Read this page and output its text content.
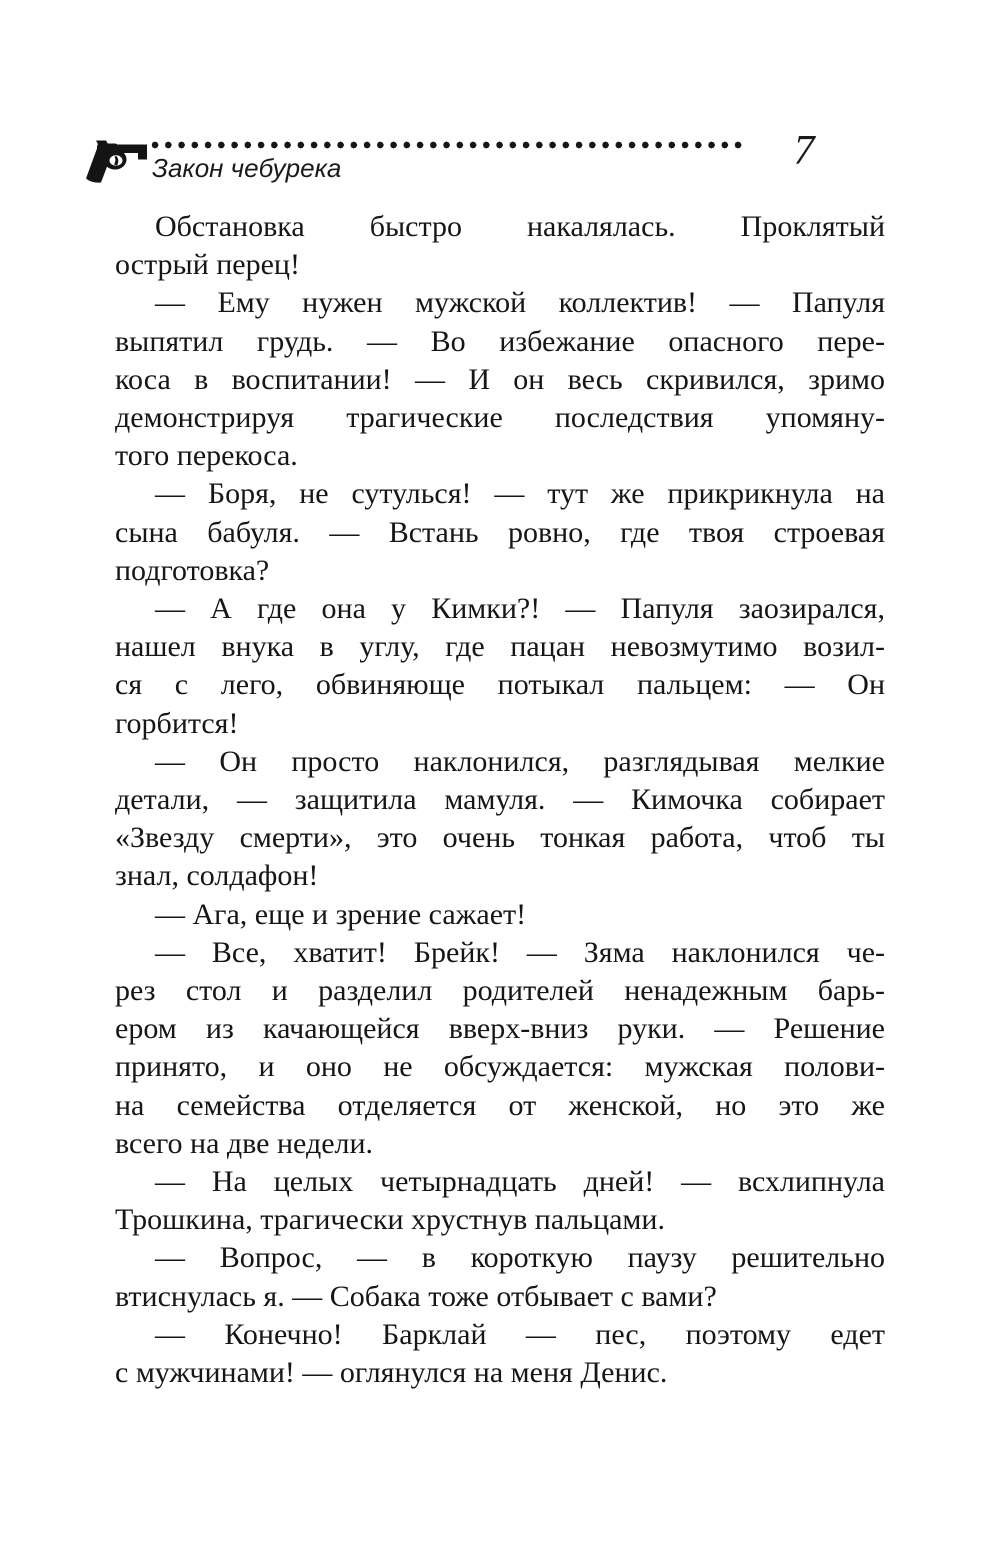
Закон чебурека	7
Обстановка быстро накалялась. Проклятый
острый перец!
— Ему нужен мужской коллектив! — Папуля
выпятил грудь. — Во избежание опасного пере-
коса в воспитании! — И он весь скривился, зримо
демонстрируя трагические последствия упомяну-
того перекоса.
— Боря, не сутулься! — тут же прикрикнула на
сына бабуля. — Встань ровно, где твоя строевая
подготовка?
— А где она у Кимки?! — Папуля заозирался,
нашел внука в углу, где пацан невозмутимо возил-
ся с лего, обвиняюще потыкал пальцем: — Он
горбится!
— Он просто наклонился, разглядывая мелкие
детали, — защитила мамуля. — Кимочка собирает
«Звезду смерти», это очень тонкая работа, чтоб ты
знал, солдафон!
— Ага, еще и зрение сажает!
— Все, хватит! Брейк! — Зяма наклонился че-
рез стол и разделил родителей ненадежным барь-
ером из качающейся вверх-вниз руки. — Решение
принято, и оно не обсуждается: мужская полови-
на семейства отделяется от женской, но это же
всего на две недели.
— На целых четырнадцать дней! — всхлипнула
Трошкина, трагически хрустнув пальцами.
— Вопрос, — в короткую паузу решительно
втиснулась я. — Собака тоже отбывает с вами?
— Конечно! Барклай — пес, поэтому едет
с мужчинами! — оглянулся на меня Денис.
